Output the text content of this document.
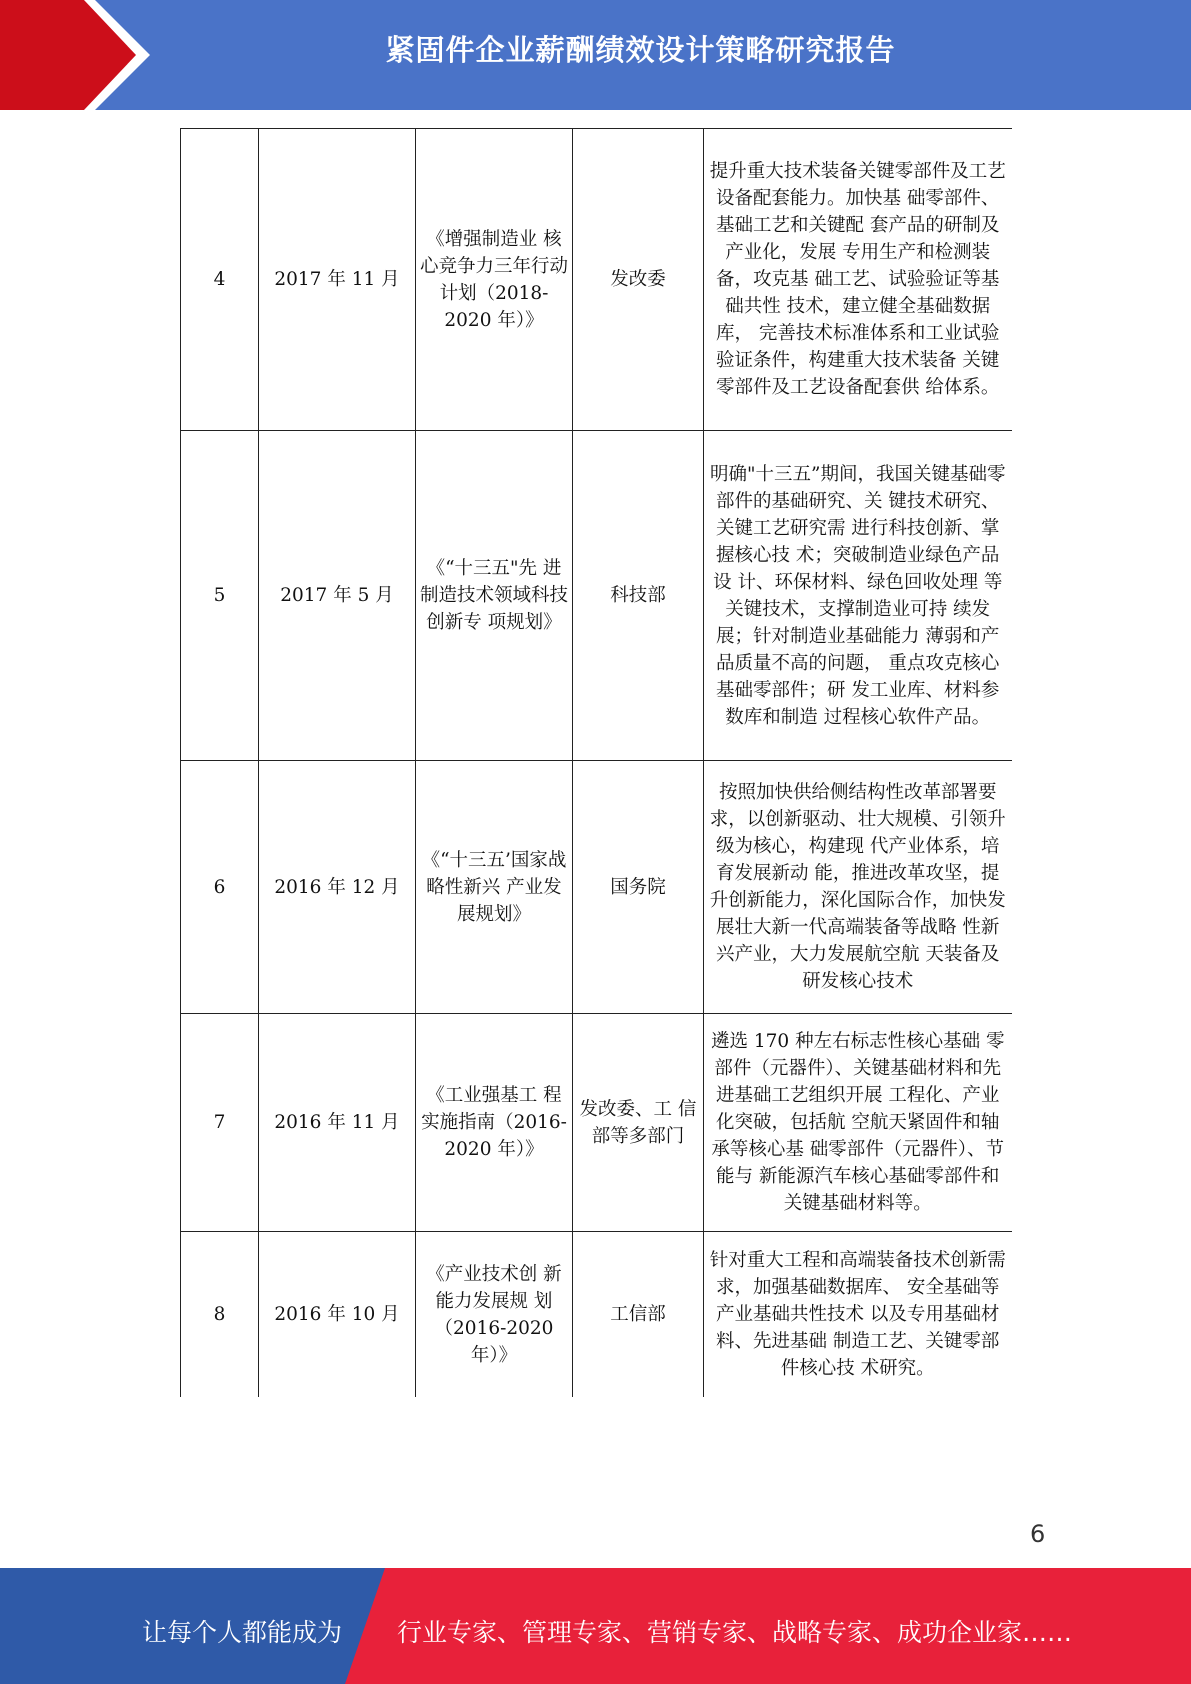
紧固件企业薪酬绩效设计策略研究报告
4	2017 年 11 月	《增强制造业 核心竞争力三年行动计划（2018-2020 年）》	发改委	提升重大技术装备关键零部件及工艺设备配套能力。加快基 础零部件、基础工艺和关键配 套产品的研制及产业化，发展 专用生产和检测装备，攻克基 础工艺、试验验证等基础共性 技术，建立健全基础数据库， 完善技术标准体系和工业试验 验证条件，构建重大技术装备 关键零部件及工艺设备配套供 给体系。
5	2017 年 5 月	《“十三五"先 进制造技术领域科技创新专 项规划》	科技部	明确"十三五”期间，我国关键基础零部件的基础研究、关 键技术研究、关键工艺研究需 进行科技创新、掌握核心技 术；突破制造业绿色产品设 计、环保材料、绿色回收处理 等关键技术，支撑制造业可持 续发展；针对制造业基础能力 薄弱和产品质量不高的问题， 重点攻克核心基础零部件；研 发工业库、材料参数库和制造 过程核心软件产品。
6	2016 年 12 月	《“十三五’国家战略性新兴 产业发展规划》	国务院	按照加快供给侧结构性改革部署要求，以创新驱动、壮大规模、引领升级为核心，构建现 代产业体系，培育发展新动 能，推进改革攻坚，提升创新能力，深化国际合作，加快发 展壮大新一代高端装备等战略 性新兴产业，大力发展航空航 天装备及研发核心技术
7	2016 年 11 月	《工业强基工 程实施指南（2016-2020 年）》	发改委、工 信部等多部门	遴选 170 种左右标志性核心基础 零部件（元器件）、关键基础材料和先进基础工艺组织开展 工程化、产业化突破，包括航 空航天紧固件和轴承等核心基 础零部件（元器件）、节能与 新能源汽车核心基础零部件和 关键基础材料等。
8	2016 年 10 月	《产业技术创 新能力发展规 划（2016-2020 年）》	工信部	针对重大工程和高端装备技术创新需求，加强基础数据库、 安全基础等产业基础共性技术 以及专用基础材料、先进基础 制造工艺、关键零部件核心技 术研究。
6
让每个人都能成为 行业专家、管理专家、营销专家、战略专家、成功企业家……
